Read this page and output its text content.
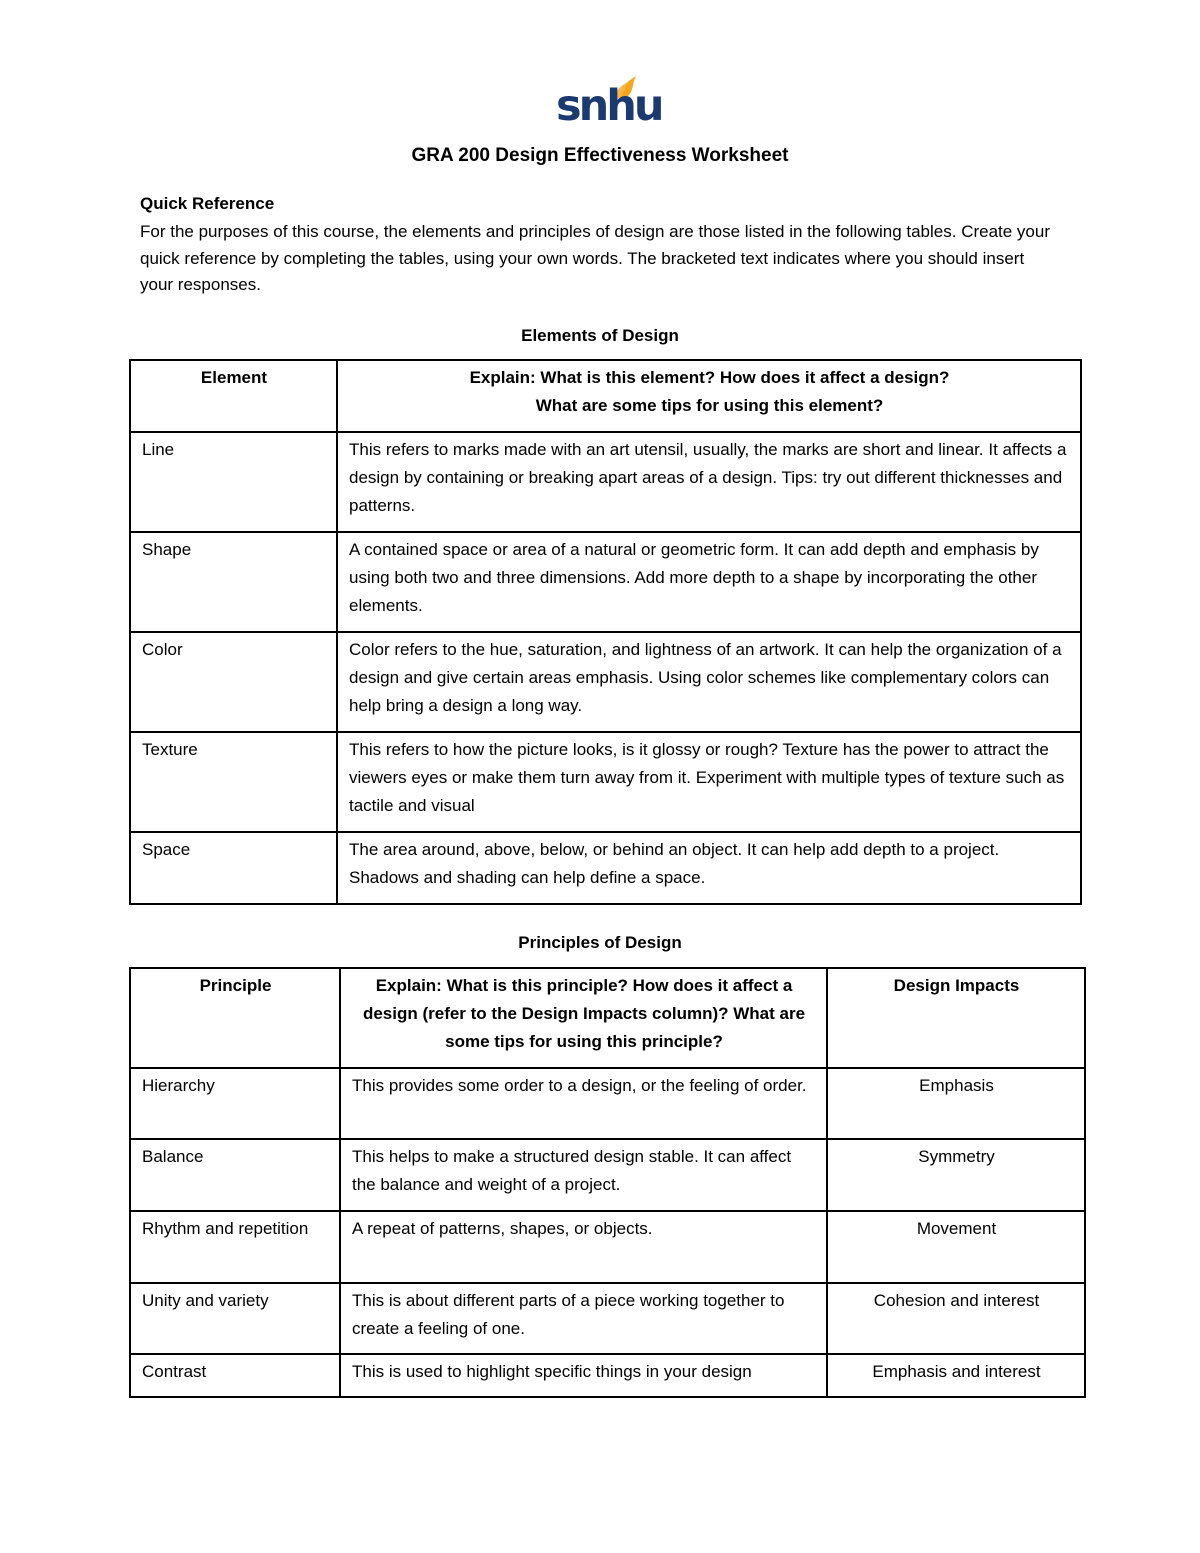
snhu
GRA 200 Design Effectiveness Worksheet
Quick Reference
For the purposes of this course, the elements and principles of design are those listed in the following tables. Create your quick reference by completing the tables, using your own words. The bracketed text indicates where you should insert your responses.
Elements of Design
Element	Explain: What is this element? How does it affect a design?
What are some tips for using this element?

Line	This refers to marks made with an art utensil, usually, the marks are short and linear. It affects a design by containing or breaking apart areas of a design. Tips: try out different thicknesses and patterns.
Shape	A contained space or area of a natural or geometric form. It can add depth and emphasis by using both two and three dimensions. Add more depth to a shape by incorporating the other elements.
Color	Color refers to the hue, saturation, and lightness of an artwork. It can help the organization of a design and give certain areas emphasis. Using color schemes like complementary colors can help bring a design a long way.
Texture	This refers to how the picture looks, is it glossy or rough? Texture has the power to attract the viewers eyes or make them turn away from it. Experiment with multiple types of texture such as tactile and visual
Space	The area around, above, below, or behind an object. It can help add depth to a project. Shadows and shading can help define a space.
Principles of Design
Principle	Explain: What is this principle? How does it affect a design (refer to the Design Impacts column)? What are some tips for using this principle?	Design Impacts
Hierarchy	This provides some order to a design, or the feeling of order.	Emphasis
Balance	This helps to make a structured design stable. It can affect the balance and weight of a project.	Symmetry
Rhythm and repetition	A repeat of patterns, shapes, or objects.	Movement
Unity and variety	This is about different parts of a piece working together to create a feeling of one.	Cohesion and interest
Contrast	This is used to highlight specific things in your design	Emphasis and interest
